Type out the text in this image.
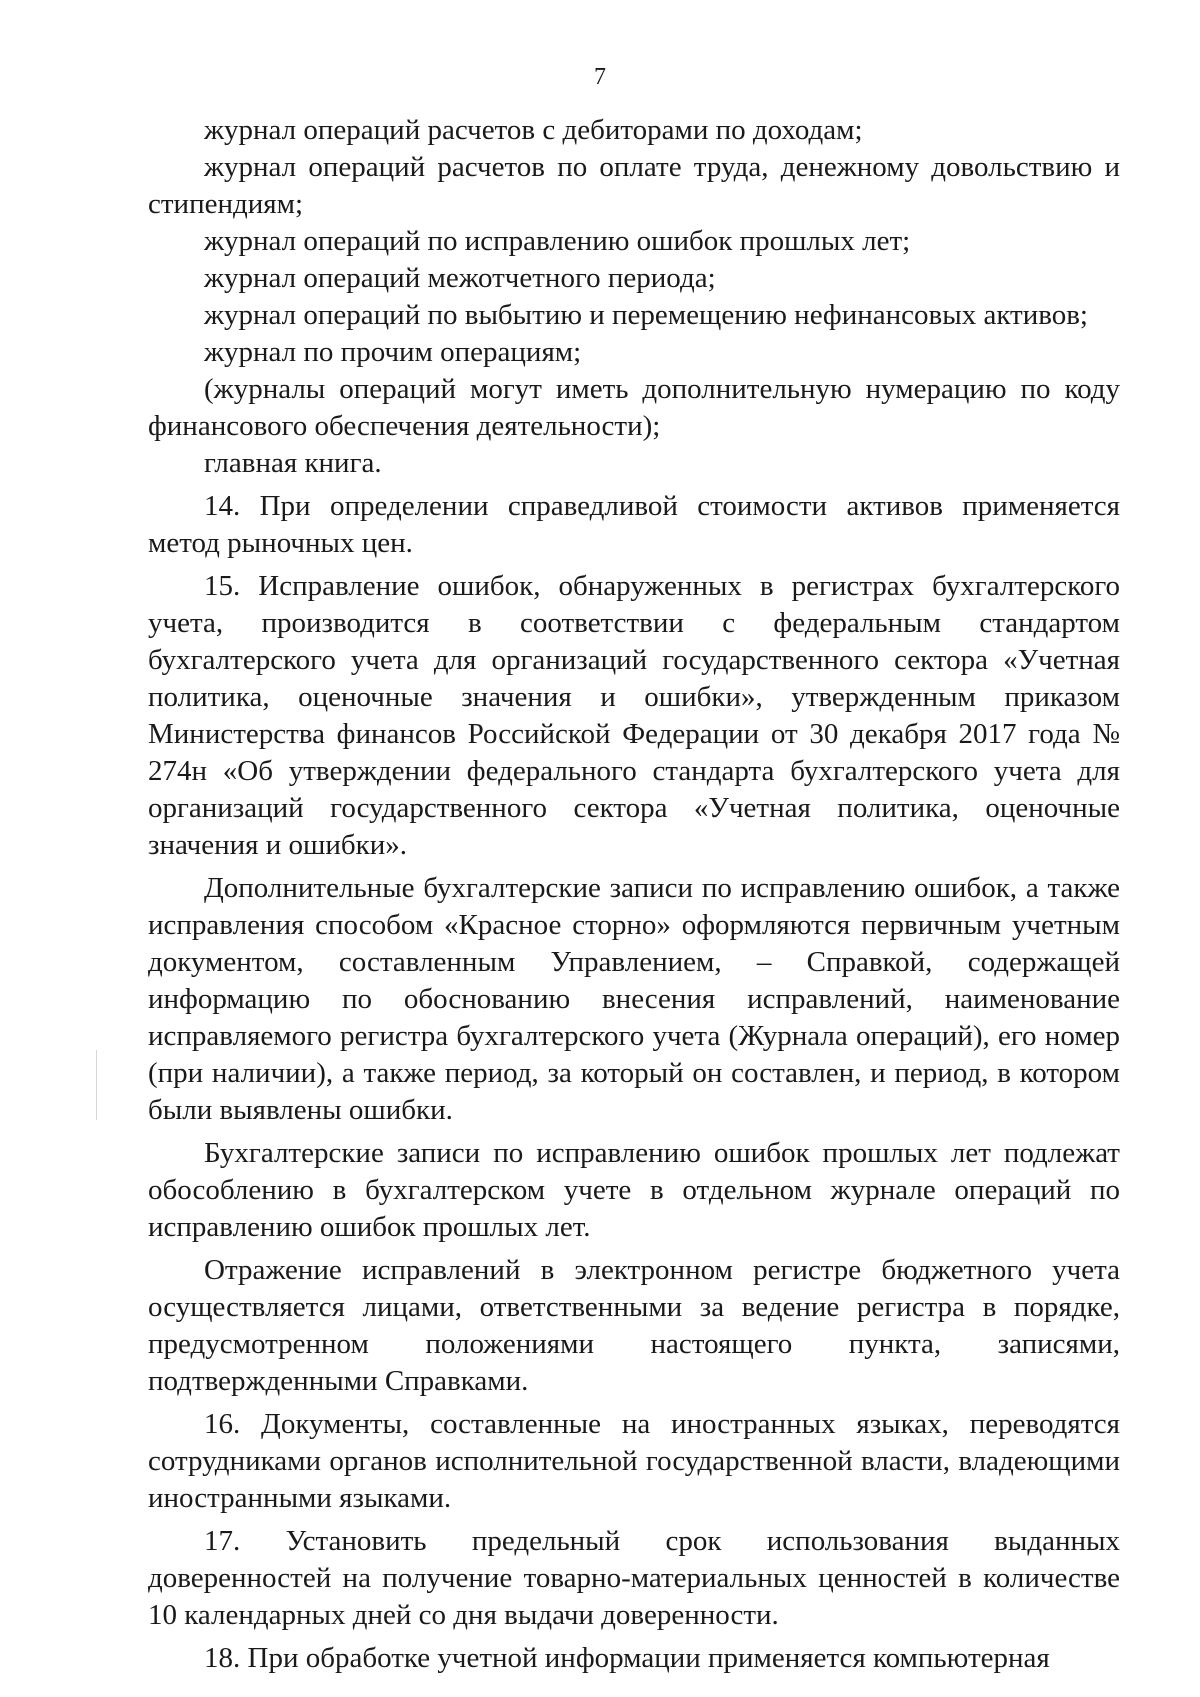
7

журнал операций расчетов с дебиторами по доходам;

журнал операций расчетов по оплате труда, денежному довольствию и стипендиям;

журнал операций по исправлению ошибок прошлых лет;

журнал операций межотчетного периода;

журнал операций по выбытию и перемещению нефинансовых активов;

журнал по прочим операциям;

(журналы операций могут иметь дополнительную нумерацию по коду финансового обеспечения деятельности);

главная книга.

14. При определении справедливой стоимости активов применяется метод рыночных цен.

15. Исправление ошибок, обнаруженных в регистрах бухгалтерского учета, производится в соответствии с федеральным стандартом бухгалтерского учета для организаций государственного сектора «Учетная политика, оценочные значения и ошибки», утвержденным приказом Министерства финансов Российской Федерации от 30 декабря 2017 года № 274н «Об утверждении федерального стандарта бухгалтерского учета для организаций государственного сектора «Учетная политика, оценочные значения и ошибки».

Дополнительные бухгалтерские записи по исправлению ошибок, а также исправления способом «Красное сторно» оформляются первичным учетным документом, составленным Управлением, – Справкой, содержащей информацию по обоснованию внесения исправлений, наименование исправляемого регистра бухгалтерского учета (Журнала операций), его номер (при наличии), а также период, за который он составлен, и период, в котором были выявлены ошибки.

Бухгалтерские записи по исправлению ошибок прошлых лет подлежат обособлению в бухгалтерском учете в отдельном журнале операций по исправлению ошибок прошлых лет.

Отражение исправлений в электронном регистре бюджетного учета осуществляется лицами, ответственными за ведение регистра в порядке, предусмотренном положениями настоящего пункта, записями, подтвержденными Справками.

16. Документы, составленные на иностранных языках, переводятся сотрудниками органов исполнительной государственной власти, владеющими иностранными языками.

17. Установить предельный срок использования выданных доверенностей на получение товарно-материальных ценностей в количестве 10 календарных дней со дня выдачи доверенности.

18. При обработке учетной информации применяется компьютерная
